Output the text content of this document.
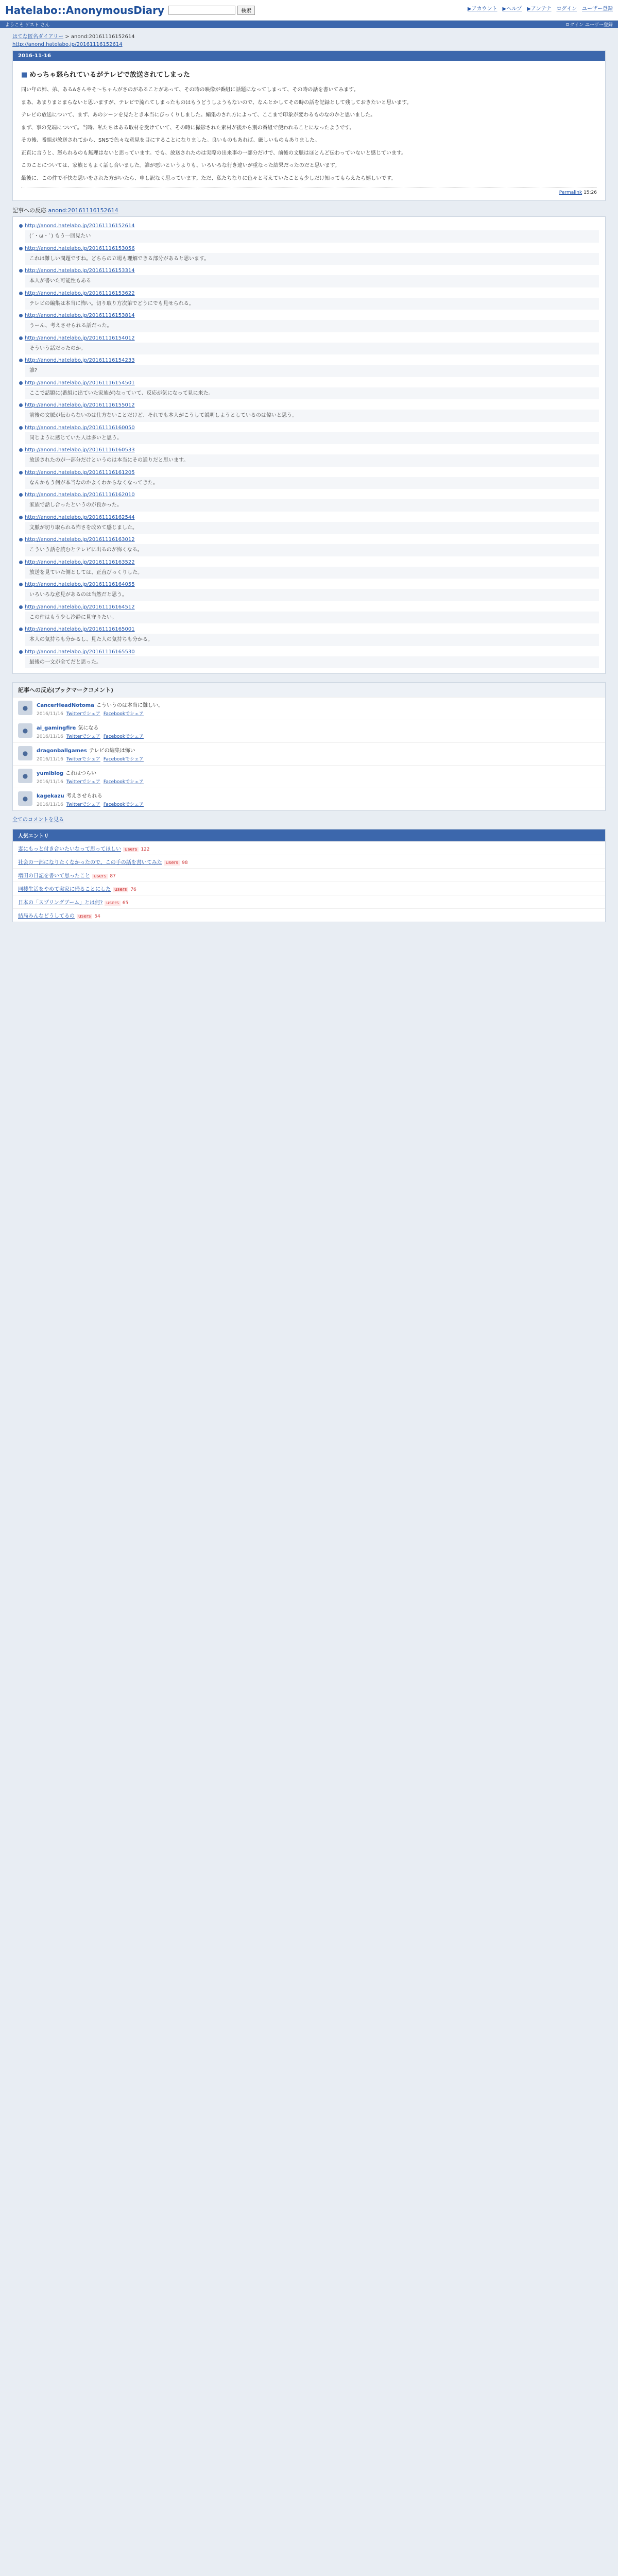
Hatelabo::AnonymousDiary	検索	▶アカウント ▶ヘルプ ▶アンテナ ログイン ユーザー登録
ようこそ ゲスト さん	ログイン ユーザー登録
はてな匿名ダイアリー > anond:20161116152614
http://anond.hatelabo.jp/20161116152614
2016-11-16
■ めっちゃ怒られているがテレビで放送されてしまった

同い年の姉、弟、あるAさんやそ〜ちゃんがさのがあることがあって、その時の映像が番組に話題になってしまって、その時の話を書いてみます。

まあ、あまりまとまらないと思いますが、テレビで流れてしまったものはもうどうしようもないので、なんとかしてその時の話を記録として残しておきたいと思います。

テレビの放送について、まず、あのシーンを見たとき本当にびっくりしました。編集のされ方によって、ここまで印象が変わるものなのかと思いました。

まず、事の発端について。当時、私たちはある取材を受けていて、その時に撮影された素材が後から別の番組で使われることになったようです。

その後、番組が放送されてから、SNSで色々な意見を目にすることになりました。良いものもあれば、厳しいものもありました。

正直に言うと、怒られるのも無理はないと思っています。でも、放送されたのは実際の出来事の一部分だけで、前後の文脈はほとんど伝わっていないと感じています。

このことについては、家族ともよく話し合いました。誰が悪いというよりも、いろいろな行き違いが重なった結果だったのだと思います。

最後に、この件で不快な思いをされた方がいたら、申し訳なく思っています。ただ、私たちなりに色々と考えていたことも少しだけ知ってもらえたら嬉しいです。

Permalink 15:26
記事への反応 anond:20161116152614
http://anond.hatelabo.jp/20161116152614
(´・ω・`) もう一回見たい
http://anond.hatelabo.jp/20161116153056
これは難しい問題ですね。どちらの立場も理解できる部分があると思います。
http://anond.hatelabo.jp/20161116153314
本人が書いた可能性もある
http://anond.hatelabo.jp/20161116153622
テレビの編集は本当に怖い。切り取り方次第でどうにでも見せられる。
http://anond.hatelabo.jp/20161116153814
うーん、考えさせられる話だった。
http://anond.hatelabo.jp/20161116154012
そういう話だったのか。
http://anond.hatelabo.jp/20161116154233
誰?
http://anond.hatelabo.jp/20161116154501
ここで話題に(番組に出ていた家族が)なっていて、反応が気になって見に来た。
http://anond.hatelabo.jp/20161116155012
前後の文脈が伝わらないのは仕方ないことだけど、それでも本人がこうして説明しようとしているのは偉いと思う。
http://anond.hatelabo.jp/20161116160050
同じように感じていた人は多いと思う。
http://anond.hatelabo.jp/20161116160533
放送されたのが一部分だけというのは本当にその通りだと思います。
http://anond.hatelabo.jp/20161116161205
なんかもう何が本当なのかよくわからなくなってきた。
http://anond.hatelabo.jp/20161116162010
家族で話し合ったというのが良かった。
http://anond.hatelabo.jp/20161116162544
文脈が切り取られる怖さを改めて感じました。
http://anond.hatelabo.jp/20161116163012
こういう話を読むとテレビに出るのが怖くなる。
http://anond.hatelabo.jp/20161116163522
放送を見ていた側としては、正直びっくりした。
http://anond.hatelabo.jp/20161116164055
いろいろな意見があるのは当然だと思う。
http://anond.hatelabo.jp/20161116164512
この件はもう少し冷静に見守りたい。
http://anond.hatelabo.jp/20161116165001
本人の気持ちも分かるし、見た人の気持ちも分かる。
http://anond.hatelabo.jp/20161116165530
最後の一文が全てだと思った。
記事への反応(ブックマークコメント)
●	CancerHeadNotoma こういうのは本当に難しい。
2016/11/16 Twitterでシェア Facebookでシェア
●	ai_gamingfire 気になる
2016/11/16 Twitterでシェア Facebookでシェア
●	dragonballgames テレビの編集は怖い
2016/11/16 Twitterでシェア Facebookでシェア
●	yumiblog これはつらい
2016/11/16 Twitterでシェア Facebookでシェア
●	kagekazu 考えさせられる
2016/11/16 Twitterでシェア Facebookでシェア
全てのコメントを見る
人気エントリ
妻にもっと付き合いたいなって思ってほしい users 122
社会の一部になりたくなかったので、この手の話を書いてみた users 98
増田の日記を書いて思ったこと users 87
同棲生活をやめて実家に帰ることにした users 76
日本の「スプリングブーム」とは何? users 65
結局みんなどうしてるの users 54
